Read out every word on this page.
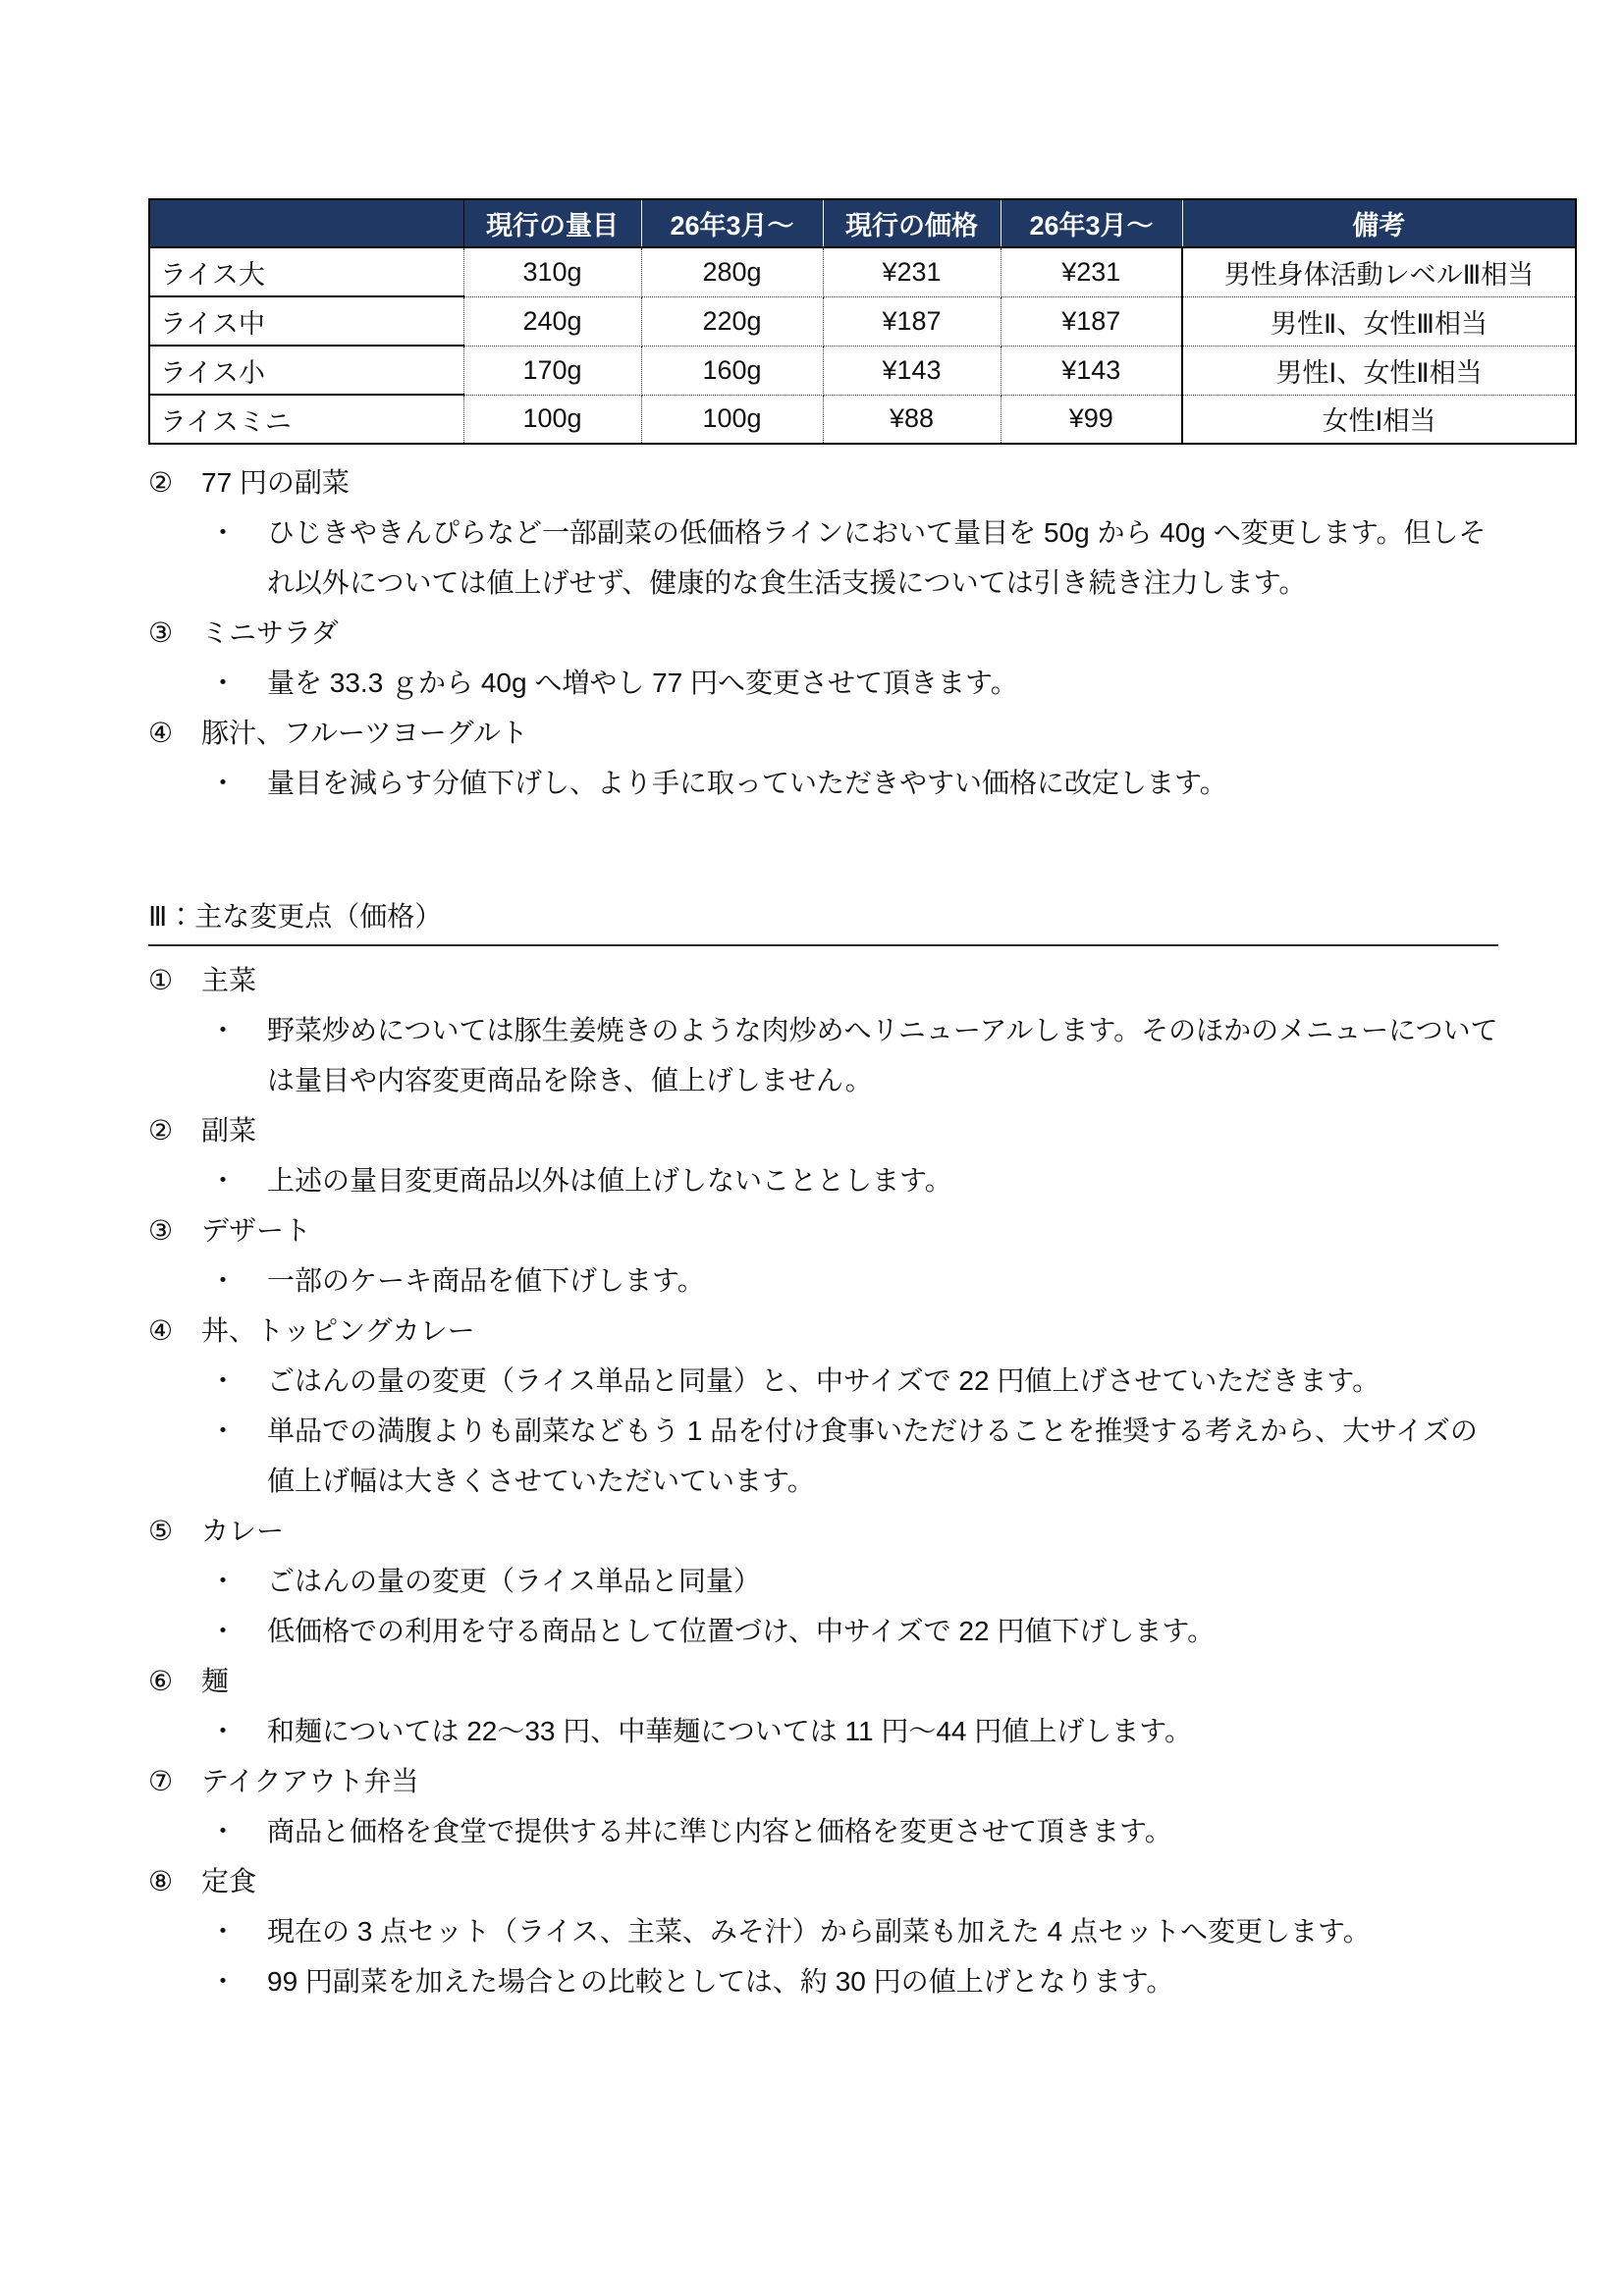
	現行の量目	26年3月～	現行の価格	26年3月～	備考
ライス大	310g	280g	¥231	¥231	男性身体活動レベルⅢ相当
ライス中	240g	220g	¥187	¥187	男性Ⅱ、女性Ⅲ相当
ライス小	170g	160g	¥143	¥143	男性Ⅰ、女性Ⅱ相当
ライスミニ	100g	100g	¥88	¥99	女性Ⅰ相当
②	77 円の副菜
・	ひじきやきんぴらなど一部副菜の低価格ラインにおいて量目を 50g から 40g へ変更します。但しそれ以外については値上げせず、健康的な食生活支援については引き続き注力します。
③	ミニサラダ
・	量を 33.3 ｇから 40g へ増やし 77 円へ変更させて頂きます。
④	豚汁、フルーツヨーグルト
・	量目を減らす分値下げし、より手に取っていただきやすい価格に改定します。
Ⅲ：主な変更点（価格）
①	主菜
・	野菜炒めについては豚生姜焼きのような肉炒めへリニューアルします。そのほかのメニューについては量目や内容変更商品を除き、値上げしません。
②	副菜
・	上述の量目変更商品以外は値上げしないこととします。
③	デザート
・	一部のケーキ商品を値下げします。
④	丼、トッピングカレー
・	ごはんの量の変更（ライス単品と同量）と、中サイズで 22 円値上げさせていただきます。
・	単品での満腹よりも副菜などもう 1 品を付け食事いただけることを推奨する考えから、大サイズの値上げ幅は大きくさせていただいています。
⑤	カレー
・	ごはんの量の変更（ライス単品と同量）
・	低価格での利用を守る商品として位置づけ、中サイズで 22 円値下げします。
⑥	麺
・	和麺については 22～33 円、中華麺については 11 円～44 円値上げします。
⑦	テイクアウト弁当
・	商品と価格を食堂で提供する丼に準じ内容と価格を変更させて頂きます。
⑧	定食
・	現在の 3 点セット（ライス、主菜、みそ汁）から副菜も加えた 4 点セットへ変更します。
・	99 円副菜を加えた場合との比較としては、約 30 円の値上げとなります。
